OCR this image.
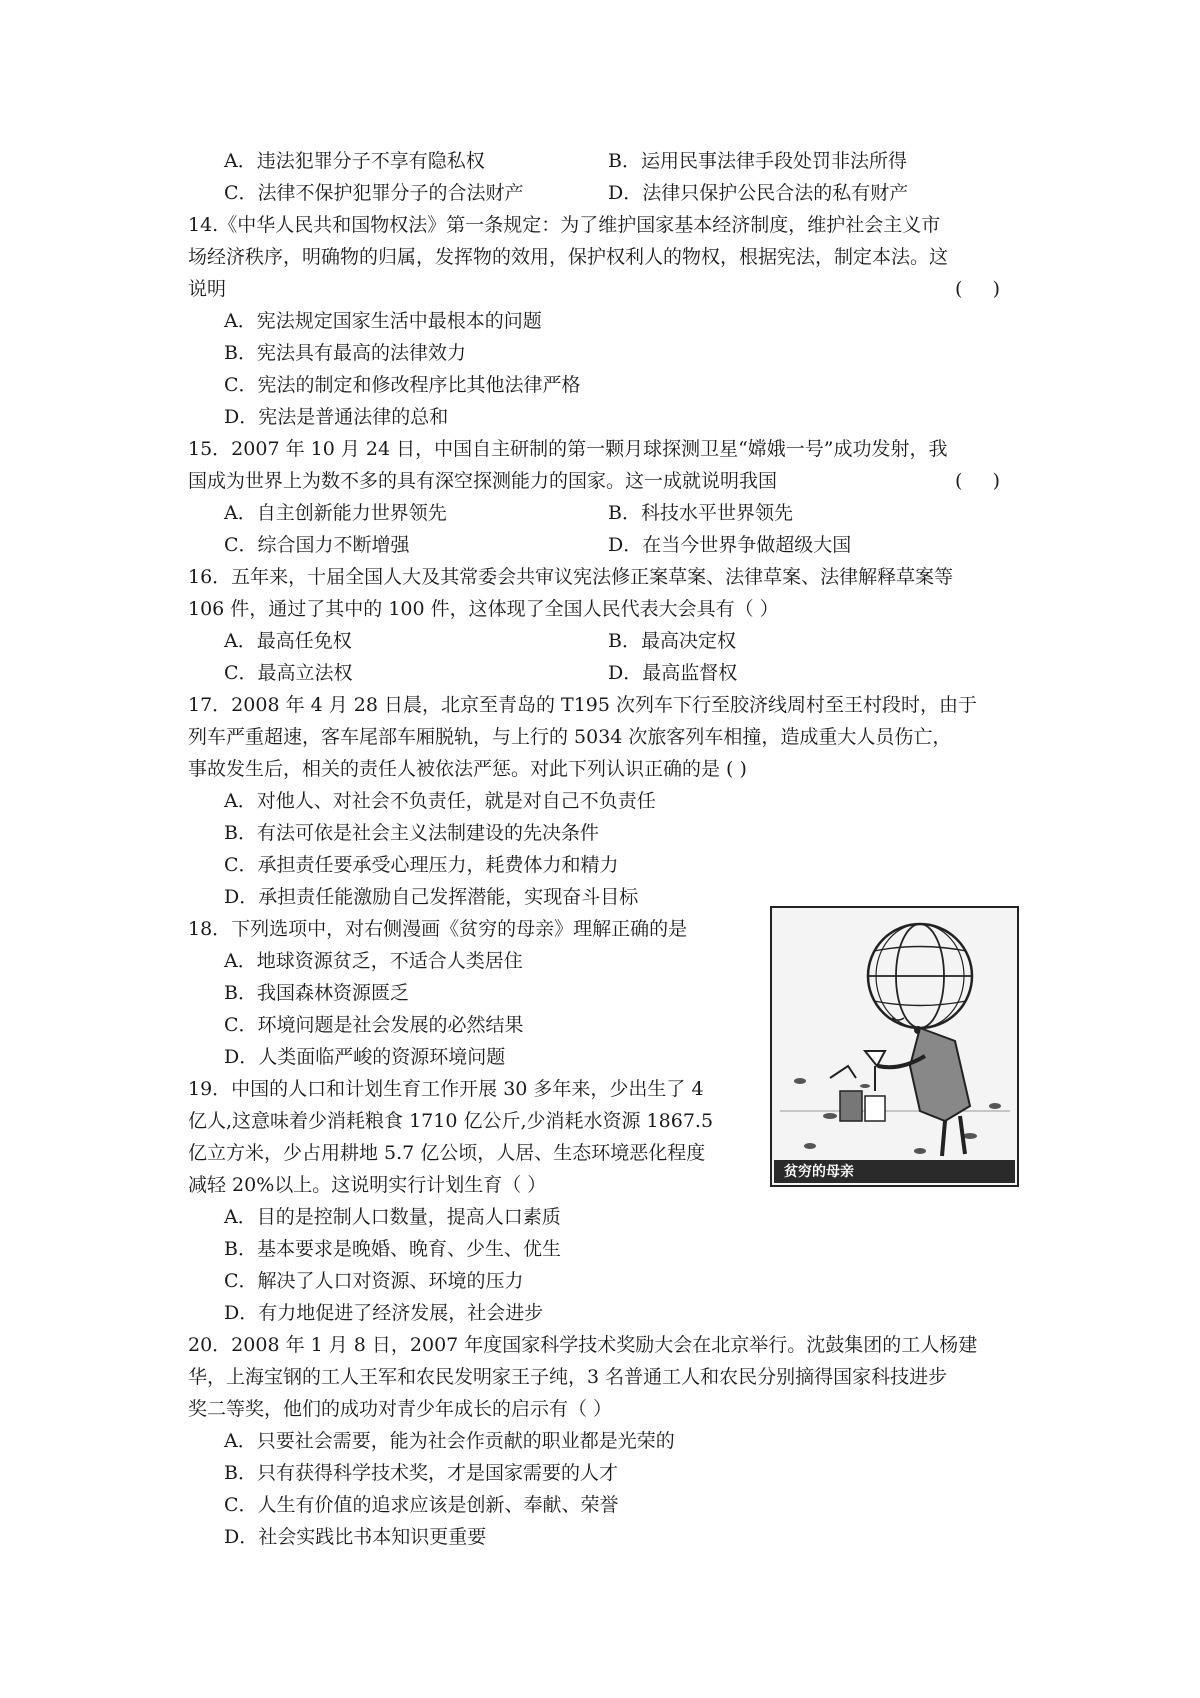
A．违法犯罪分子不享有隐私权	B．运用民事法律手段处罚非法所得
C．法律不保护犯罪分子的合法财产	D．法律只保护公民合法的私有财产
14.《中华人民共和国物权法》第一条规定：为了维护国家基本经济制度，维护社会主义市
场经济秩序，明确物的归属，发挥物的效用，保护权利人的物权，根据宪法，制定本法。这
说明	(     )
A．宪法规定国家生活中最根本的问题
B．宪法具有最高的法律效力
C．宪法的制定和修改程序比其他法律严格
D．宪法是普通法律的总和
15．2007 年 10 月 24 日，中国自主研制的第一颗月球探测卫星“嫦娥一号”成功发射，我
国成为世界上为数不多的具有深空探测能力的国家。这一成就说明我国	(     )
A．自主创新能力世界领先	B．科技水平世界领先
C．综合国力不断增强	D．在当今世界争做超级大国
16．五年来，十届全国人大及其常委会共审议宪法修正案草案、法律草案、法律解释草案等
106 件，通过了其中的 100 件，这体现了全国人民代表大会具有（ ）
A．最高任免权	B．最高决定权
C．最高立法权	D．最高监督权
17．2008 年 4 月 28 日晨，北京至青岛的 T195 次列车下行至胶济线周村至王村段时，由于
列车严重超速，客车尾部车厢脱轨，与上行的 5034 次旅客列车相撞，造成重大人员伤亡，
事故发生后，相关的责任人被依法严惩。对此下列认识正确的是 ( )
A．对他人、对社会不负责任，就是对自己不负责任
B．有法可依是社会主义法制建设的先决条件
C．承担责任要承受心理压力，耗费体力和精力
D．承担责任能激励自己发挥潜能，实现奋斗目标
18．下列选项中，对右侧漫画《贫穷的母亲》理解正确的是
A．地球资源贫乏，不适合人类居住
B．我国森林资源匮乏
C．环境问题是社会发展的必然结果
D．人类面临严峻的资源环境问题
贫穷的母亲
19．中国的人口和计划生育工作开展 30 多年来，少出生了 4
亿人,这意味着少消耗粮食 1710 亿公斤,少消耗水资源 1867.5
亿立方米，少占用耕地 5.7 亿公顷，人居、生态环境恶化程度
减轻 20%以上。这说明实行计划生育（ ）
A．目的是控制人口数量，提高人口素质
B．基本要求是晚婚、晚育、少生、优生
C．解决了人口对资源、环境的压力
D．有力地促进了经济发展，社会进步
20．2008 年 1 月 8 日，2007 年度国家科学技术奖励大会在北京举行。沈鼓集团的工人杨建
华，上海宝钢的工人王军和农民发明家王子纯，3 名普通工人和农民分别摘得国家科技进步
奖二等奖，他们的成功对青少年成长的启示有（ ）
A．只要社会需要，能为社会作贡献的职业都是光荣的
B．只有获得科学技术奖，才是国家需要的人才
C．人生有价值的追求应该是创新、奉献、荣誉
D．社会实践比书本知识更重要
